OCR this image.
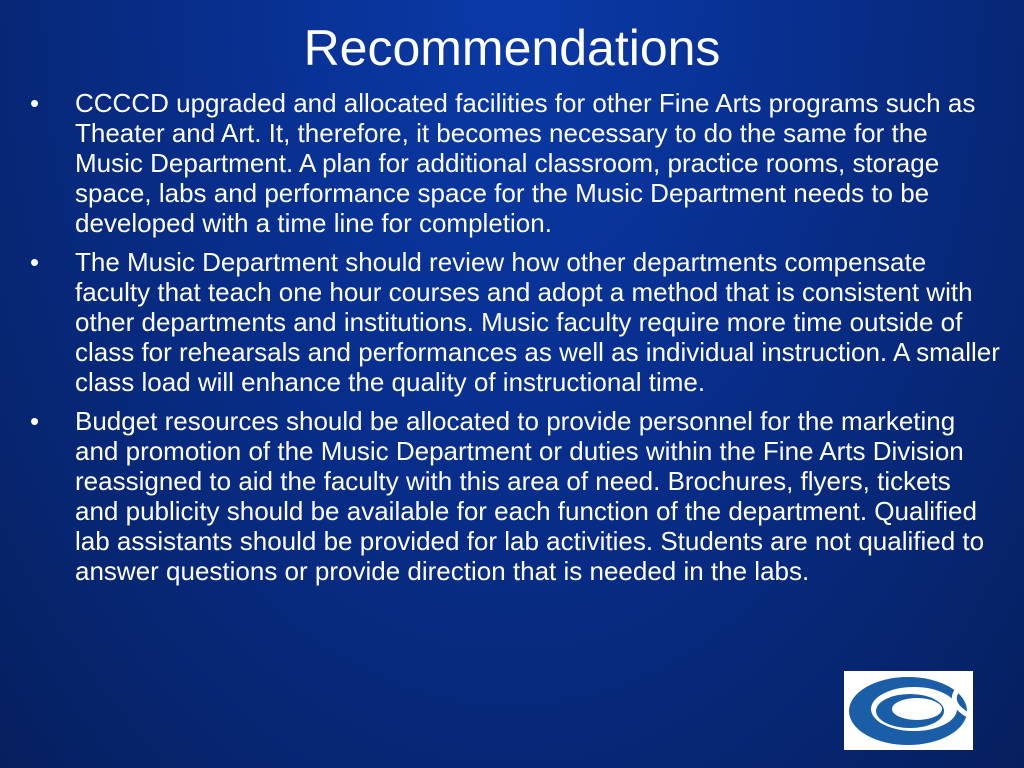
Recommendations
•	CCCCD upgraded and allocated facilities for other Fine Arts programs such as Theater and Art. It, therefore, it becomes necessary to do the same for the Music Department. A plan for additional classroom, practice rooms, storage space, labs and performance space for the Music Department needs to be developed with a time line for completion.
•	The Music Department should review how other departments compensate faculty that teach one hour courses and adopt a method that is consistent with other departments and institutions. Music faculty require more time outside of class for rehearsals and performances as well as individual instruction. A smaller class load will enhance the quality of instructional time.
•	Budget resources should be allocated to provide personnel for the marketing and promotion of the Music Department or duties within the Fine Arts Division reassigned to aid the faculty with this area of need. Brochures, flyers, tickets and publicity should be available for each function of the department. Qualified lab assistants should be provided for lab activities. Students are not qualified to answer questions or provide direction that is needed in the labs.
